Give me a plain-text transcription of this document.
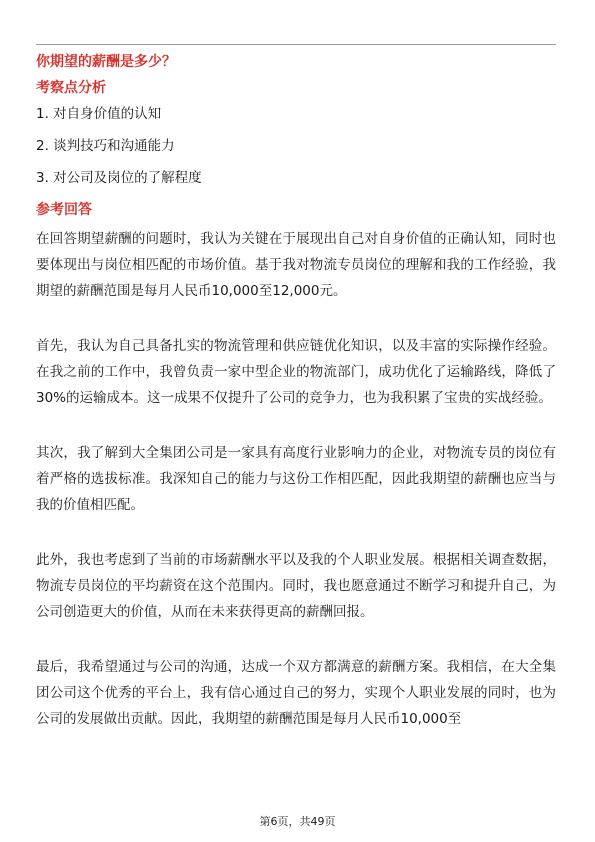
你期望的薪酬是多少？
考察点分析
1. 对自身价值的认知
2. 谈判技巧和沟通能力
3. 对公司及岗位的了解程度
参考回答

在回答期望薪酬的问题时，我认为关键在于展现出自己对自身价值的正确认知，同时也要体现出与岗位相匹配的市场价值。基于我对物流专员岗位的理解和我的工作经验，我期望的薪酬范围是每月人民币10,000至12,000元。

首先，我认为自己具备扎实的物流管理和供应链优化知识，以及丰富的实际操作经验。在我之前的工作中，我曾负责一家中型企业的物流部门，成功优化了运输路线，降低了30%的运输成本。这一成果不仅提升了公司的竞争力，也为我积累了宝贵的实战经验。

其次，我了解到大全集团公司是一家具有高度行业影响力的企业，对物流专员的岗位有着严格的选拔标准。我深知自己的能力与这份工作相匹配，因此我期望的薪酬也应当与我的价值相匹配。

此外，我也考虑到了当前的市场薪酬水平以及我的个人职业发展。根据相关调查数据，物流专员岗位的平均薪资在这个范围内。同时，我也愿意通过不断学习和提升自己，为公司创造更大的价值，从而在未来获得更高的薪酬回报。

最后，我希望通过与公司的沟通，达成一个双方都满意的薪酬方案。我相信，在大全集团公司这个优秀的平台上，我有信心通过自己的努力，实现个人职业发展的同时，也为公司的发展做出贡献。因此，我期望的薪酬范围是每月人民币10,000至

第6页，共49页
